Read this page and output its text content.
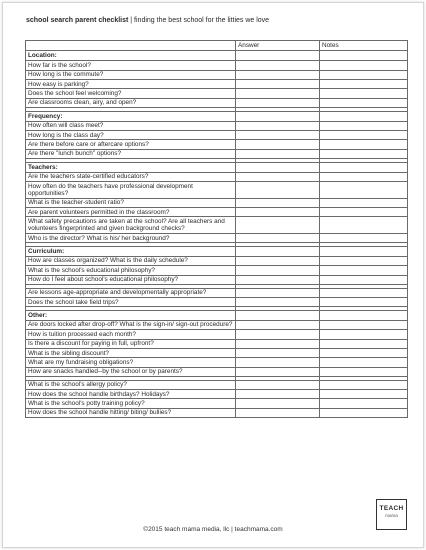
school search parent checklist | finding the best school for the litties we love
	Answer	Notes
Location:		
How far is the school?		
How long is the commute?		
How easy is parking?		
Does the school feel welcoming?		
Are classrooms clean, airy, and open?		

Frequency:		
How often will class meet?		
How long is the class day?		
Are there before care or aftercare options?		
Are there "lunch bunch" options?		

Teachers:		
Are the teachers state-certified educators?		
How often do the teachers have professional development opportunities?		
What is the teacher-student ratio?		
Are parent volunteers permitted in the classroom?		
What safety precautions are taken at the school? Are all teachers and volunteers fingerprinted and given background checks?		
Who is the director? What is his/ her background?		

Curriculum:		
How are classes organized? What is the daily schedule?		
What is the school's educational philosophy?		
How do I feel about school's educational philosophy?		

Are lessons age-appropriate and developmentally appropriate?		
Does the school take field trips?		

Other:		
Are doors locked after drop-off? What is the sign-in/ sign-out procedure?		
How is tuition processed each month?		
Is there a discount for paying in full, upfront?		
What is the sibling discount?		
What are my fundraising obligations?		
How are snacks handled--by the school or by parents?		

What is the school's allergy policy?		
How does the school handle birthdays? Holidays?		
What is the school's potty training policy?		
How does the school handle hitting/ biting/ bullies?		
TEACH
mama
©2015 teach mama media, llc | teachmama.com
